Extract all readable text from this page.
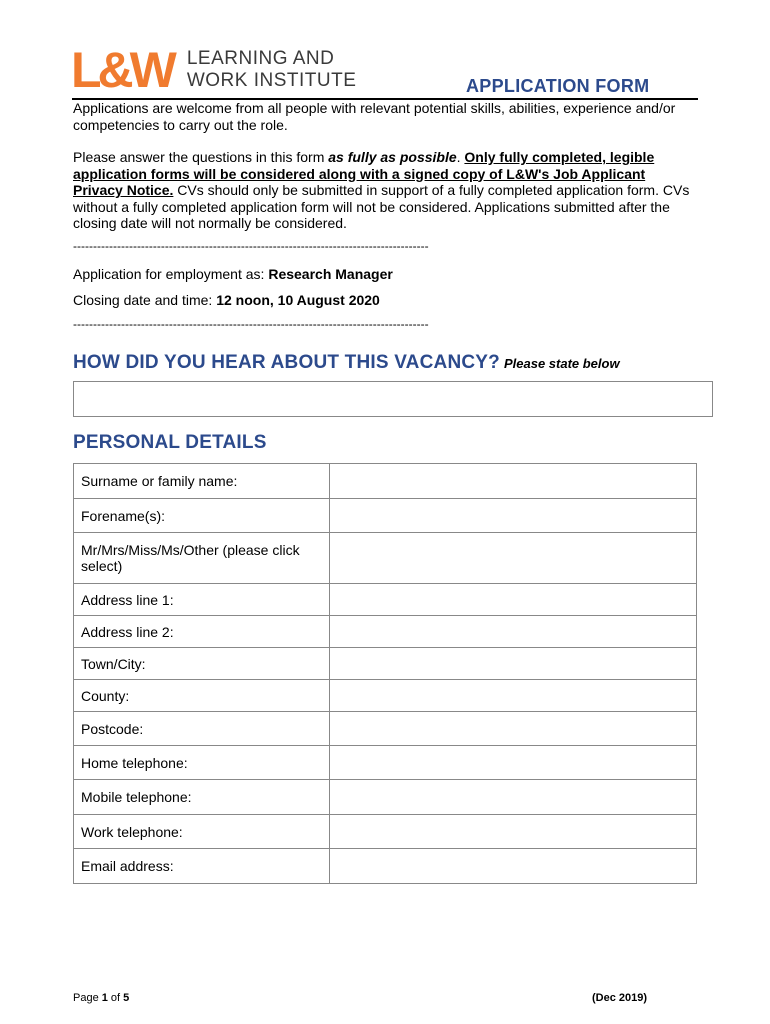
L&W LEARNING AND
WORK INSTITUTE	APPLICATION FORM
Applications are welcome from all people with relevant potential skills, abilities, experience and/or competencies to carry out the role.
Please answer the questions in this form as fully as possible. Only fully completed, legible application forms will be considered along with a signed copy of L&W's Job Applicant Privacy Notice. CVs should only be submitted in support of a fully completed application form. CVs without a fully completed application form will not be considered. Applications submitted after the closing date will not normally be considered.
-----------------------------------------------------------------------------------------
Application for employment as: Research Manager
Closing date and time: 12 noon, 10 August 2020
-----------------------------------------------------------------------------------------
HOW DID YOU HEAR ABOUT THIS VACANCY? Please state below
PERSONAL DETAILS
Surname or family name:	
Forename(s):	
Mr/Mrs/Miss/Ms/Other (please click select)	
Address line 1:	
Address line 2:	
Town/City:	
County:	
Postcode:	
Home telephone:	
Mobile telephone:	
Work telephone:	
Email address:	
Page 1 of 5	(Dec 2019)
